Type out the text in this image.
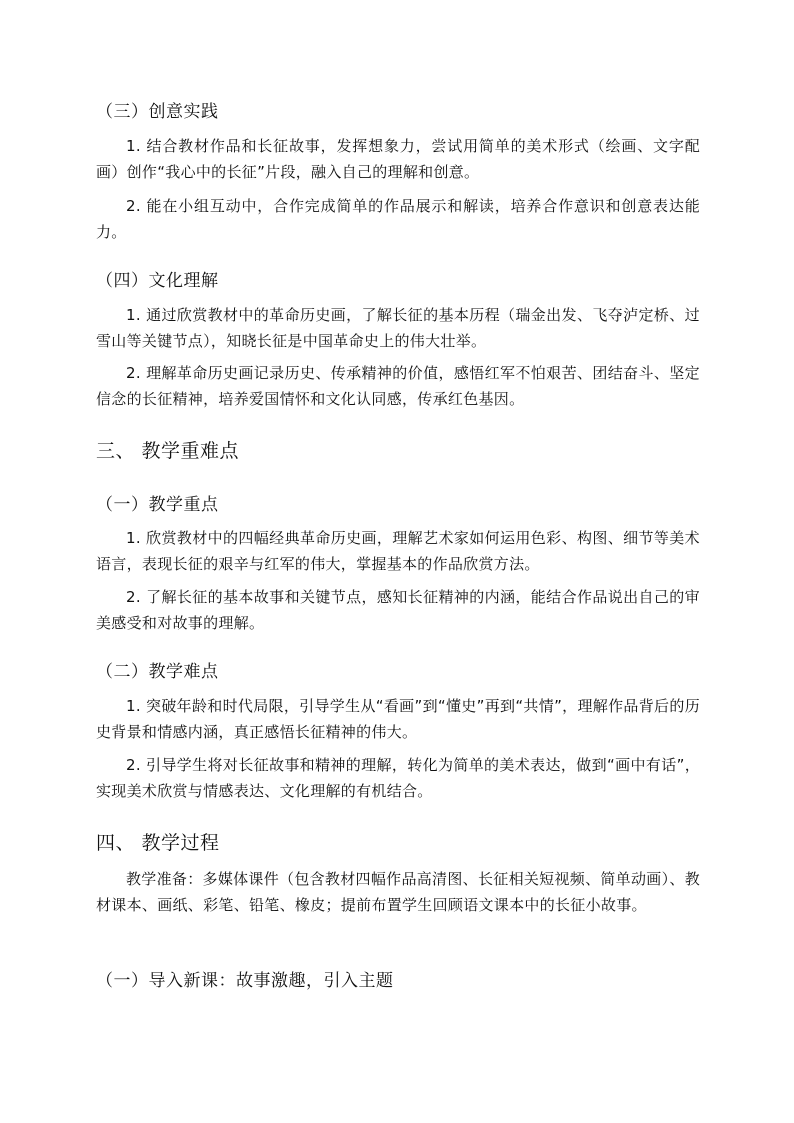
（三）创意实践

1. 结合教材作品和长征故事，发挥想象力，尝试用简单的美术形式（绘画、文字配画）创作“我心中的长征”片段，融入自己的理解和创意。

2. 能在小组互动中，合作完成简单的作品展示和解读，培养合作意识和创意表达能力。

（四）文化理解

1. 通过欣赏教材中的革命历史画，了解长征的基本历程（瑞金出发、飞夺泸定桥、过雪山等关键节点），知晓长征是中国革命史上的伟大壮举。

2. 理解革命历史画记录历史、传承精神的价值，感悟红军不怕艰苦、团结奋斗、坚定信念的长征精神，培养爱国情怀和文化认同感，传承红色基因。

三、 教学重难点
（一）教学重点

1. 欣赏教材中的四幅经典革命历史画，理解艺术家如何运用色彩、构图、细节等美术语言，表现长征的艰辛与红军的伟大，掌握基本的作品欣赏方法。

2. 了解长征的基本故事和关键节点，感知长征精神的内涵，能结合作品说出自己的审美感受和对故事的理解。

（二）教学难点

1. 突破年龄和时代局限，引导学生从“看画”到“懂史”再到“共情”，理解作品背后的历史背景和情感内涵，真正感悟长征精神的伟大。

2. 引导学生将对长征故事和精神的理解，转化为简单的美术表达，做到“画中有话”，实现美术欣赏与情感表达、文化理解的有机结合。

四、 教学过程

教学准备：多媒体课件（包含教材四幅作品高清图、长征相关短视频、简单动画）、教材课本、画纸、彩笔、铅笔、橡皮；提前布置学生回顾语文课本中的长征小故事。

（一）导入新课：故事激趣，引入主题
